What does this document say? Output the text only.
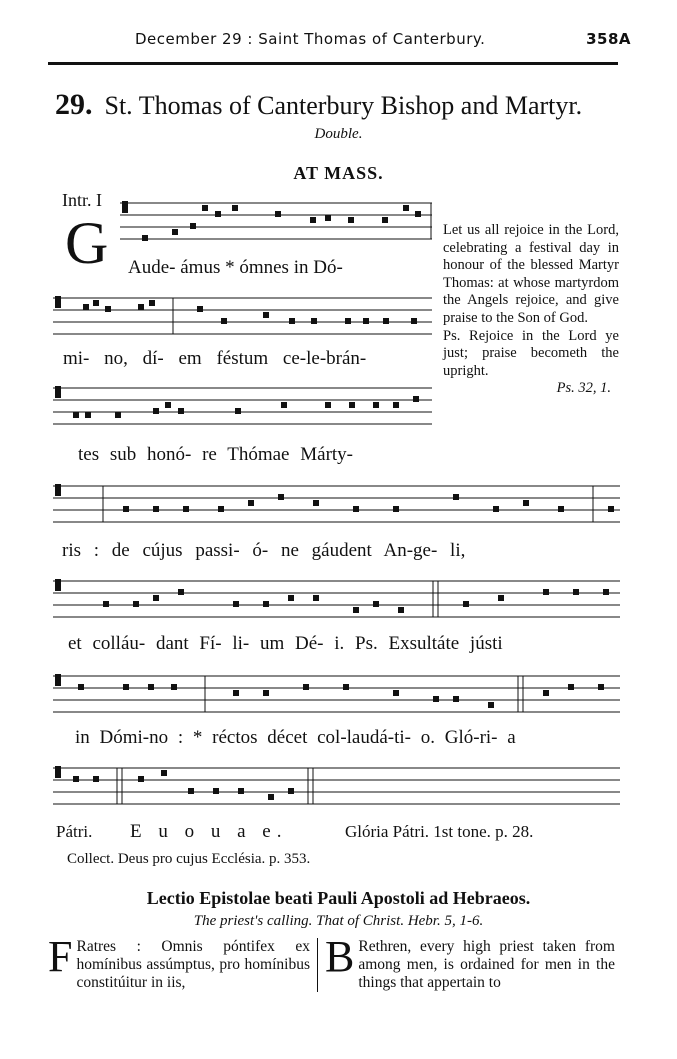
December 29 : Saint Thomas of Canterbury.	358A
29. St. Thomas of Canterbury Bishop and Martyr.
Double.
AT MASS.
Intr. I
G Aude- ámus * ómnes in Dó-
mi- no, dí- em féstum ce-le-brán-
tes sub honó- re Thómae Márty-
ris : de cújus passi- ó- ne gáudent An-ge- li,
et colláu- dant Fí- li- um Dé- i. Ps. Exsultáte jústi
in Dómi-no : * réctos décet col-laudá-ti- o. Gló-ri- a
Pátri. E u o u a e.	Glória Pátri. 1st tone. p. 28.

Let us all rejoice in the Lord, celebrating a festival day in honour of the blessed Martyr Thomas: at whose martyrdom the Angels rejoice, and give praise to the Son of God.

Ps. Rejoice in the Lord ye just; praise becometh the upright.

Ps. 32, 1.

Collect. Deus pro cujus Ecclésia. p. 353.
Lectio Epistolae beati Pauli Apostoli ad Hebraeos.
The priest's calling. That of Christ. Hebr. 5, 1-6.
F Ratres : Omnis póntifex ex homínibus assúmptus, pro homínibus constitúitur in iis,
B Rethren, every high priest taken from among men, is ordained for men in the things that appertain to
